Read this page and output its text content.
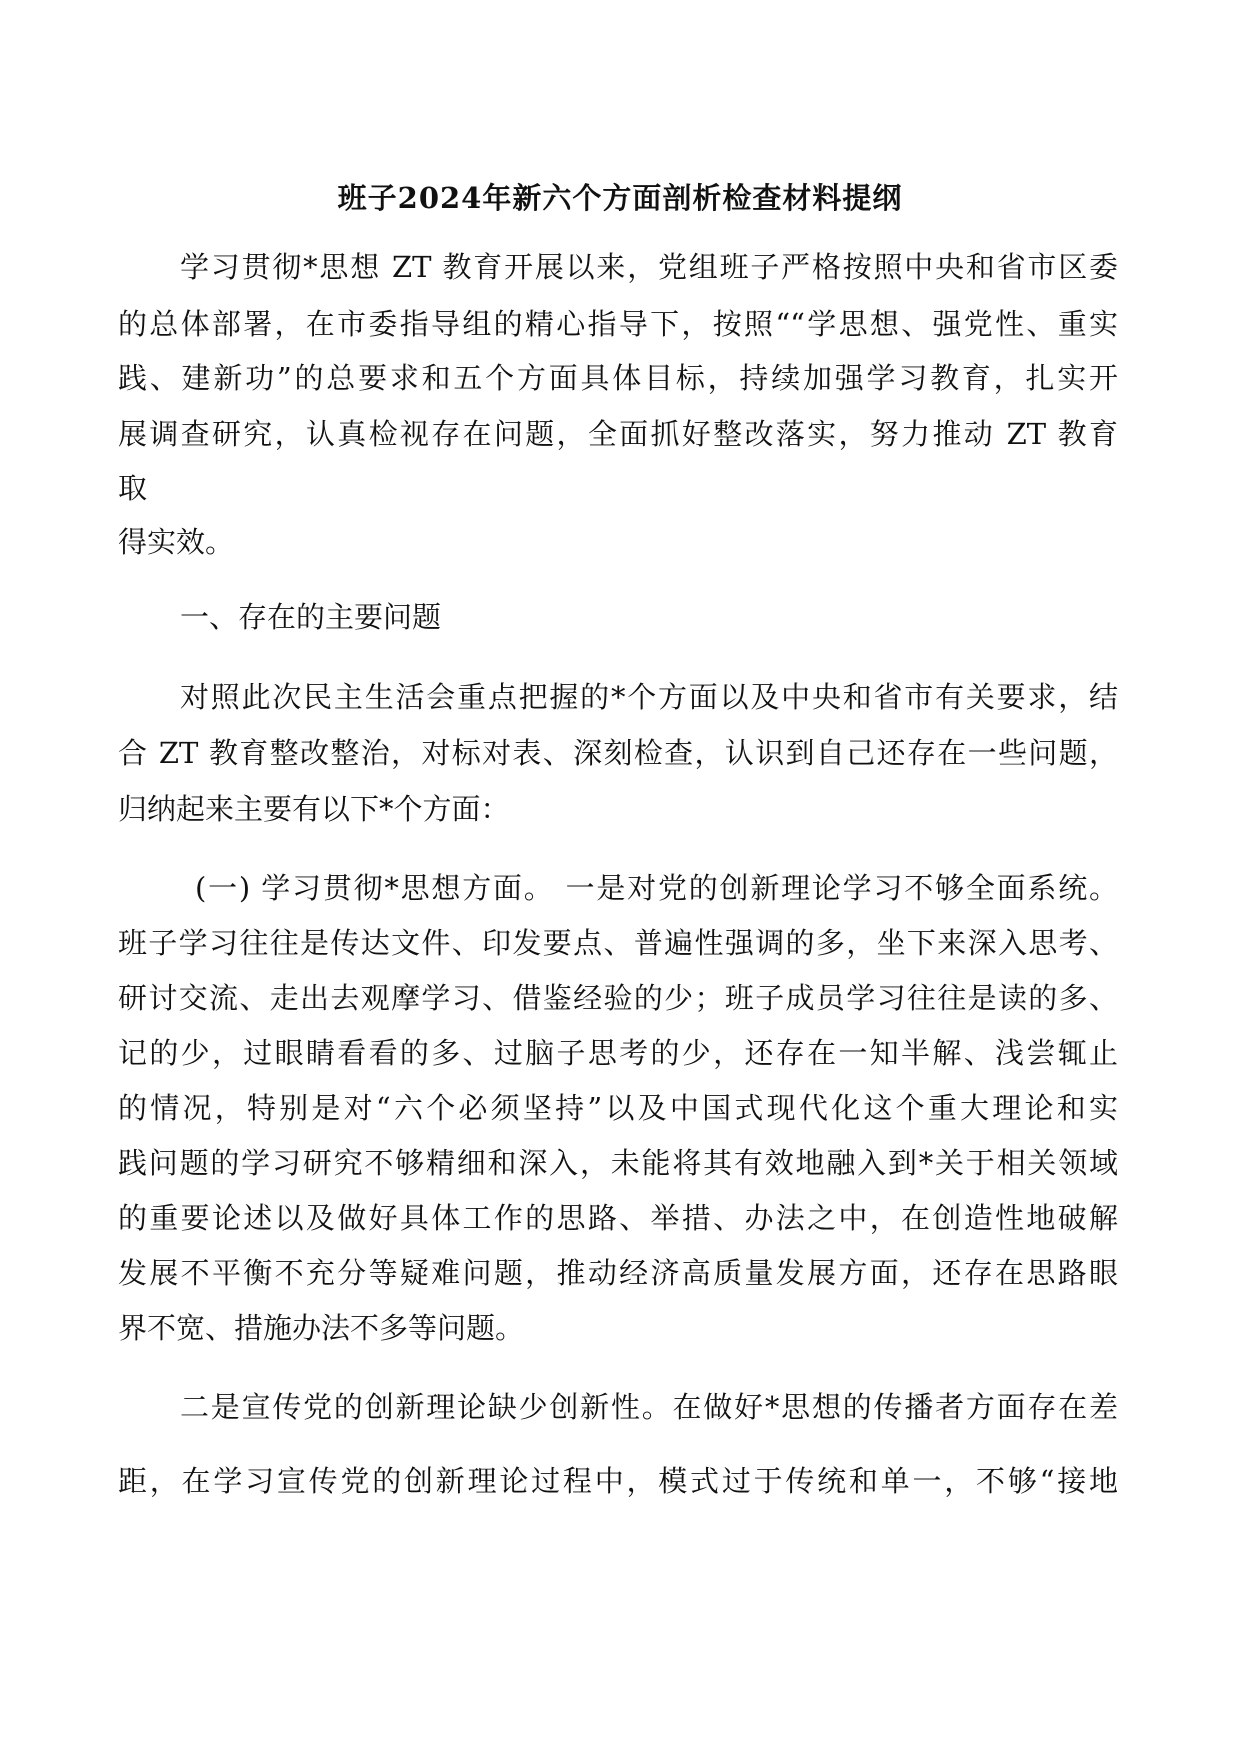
班子2024年新六个方面剖析检查材料提纲
学习贯彻*思想 ZT 教育开展以来，党组班子严格按照中央和省市区委
的总体部署，在市委指导组的精心指导下，按照““学思想、强党性、重实
践、建新功”的总要求和五个方面具体目标，持续加强学习教育，扎实开
展调查研究，认真检视存在问题，全面抓好整改落实，努力推动 ZT 教育
取
得实效。
一、存在的主要问题
对照此次民主生活会重点把握的*个方面以及中央和省市有关要求，结
合 ZT 教育整改整治，对标对表、深刻检查，认识到自己还存在一些问题，
归纳起来主要有以下*个方面：
(一) 学习贯彻*思想方面。 一是对党的创新理论学习不够全面系统。
班子学习往往是传达文件、印发要点、普遍性强调的多，坐下来深入思考、
研讨交流、走出去观摩学习、借鉴经验的少；班子成员学习往往是读的多、
记的少，过眼睛看看的多、过脑子思考的少，还存在一知半解、浅尝辄止
的情况，特别是对“六个必须坚持”以及中国式现代化这个重大理论和实
践问题的学习研究不够精细和深入，未能将其有效地融入到*关于相关领域
的重要论述以及做好具体工作的思路、举措、办法之中，在创造性地破解
发展不平衡不充分等疑难问题，推动经济高质量发展方面，还存在思路眼
界不宽、措施办法不多等问题。
二是宣传党的创新理论缺少创新性。在做好*思想的传播者方面存在差
距，在学习宣传党的创新理论过程中，模式过于传统和单一，不够“接地
